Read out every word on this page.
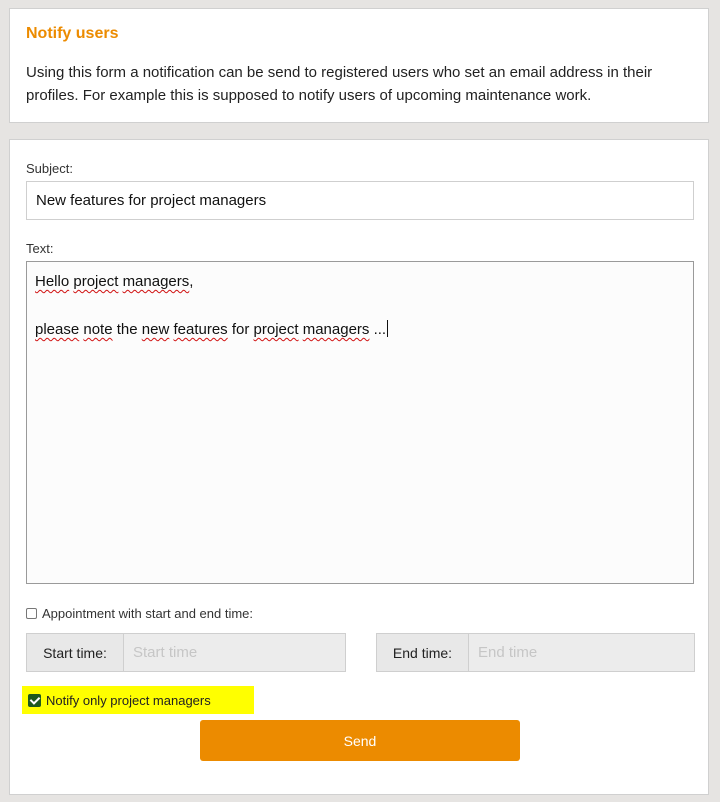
Notify users
Using this form a notification can be send to registered users who set an email address in their profiles. For example this is supposed to notify users of upcoming maintenance work.
Subject:
New features for project managers
Text:
Hello project managers,
please note the new features for project managers ...
Appointment with start and end time:
Start time:
Start time	End time:
End time
Notify only project managers
Send
